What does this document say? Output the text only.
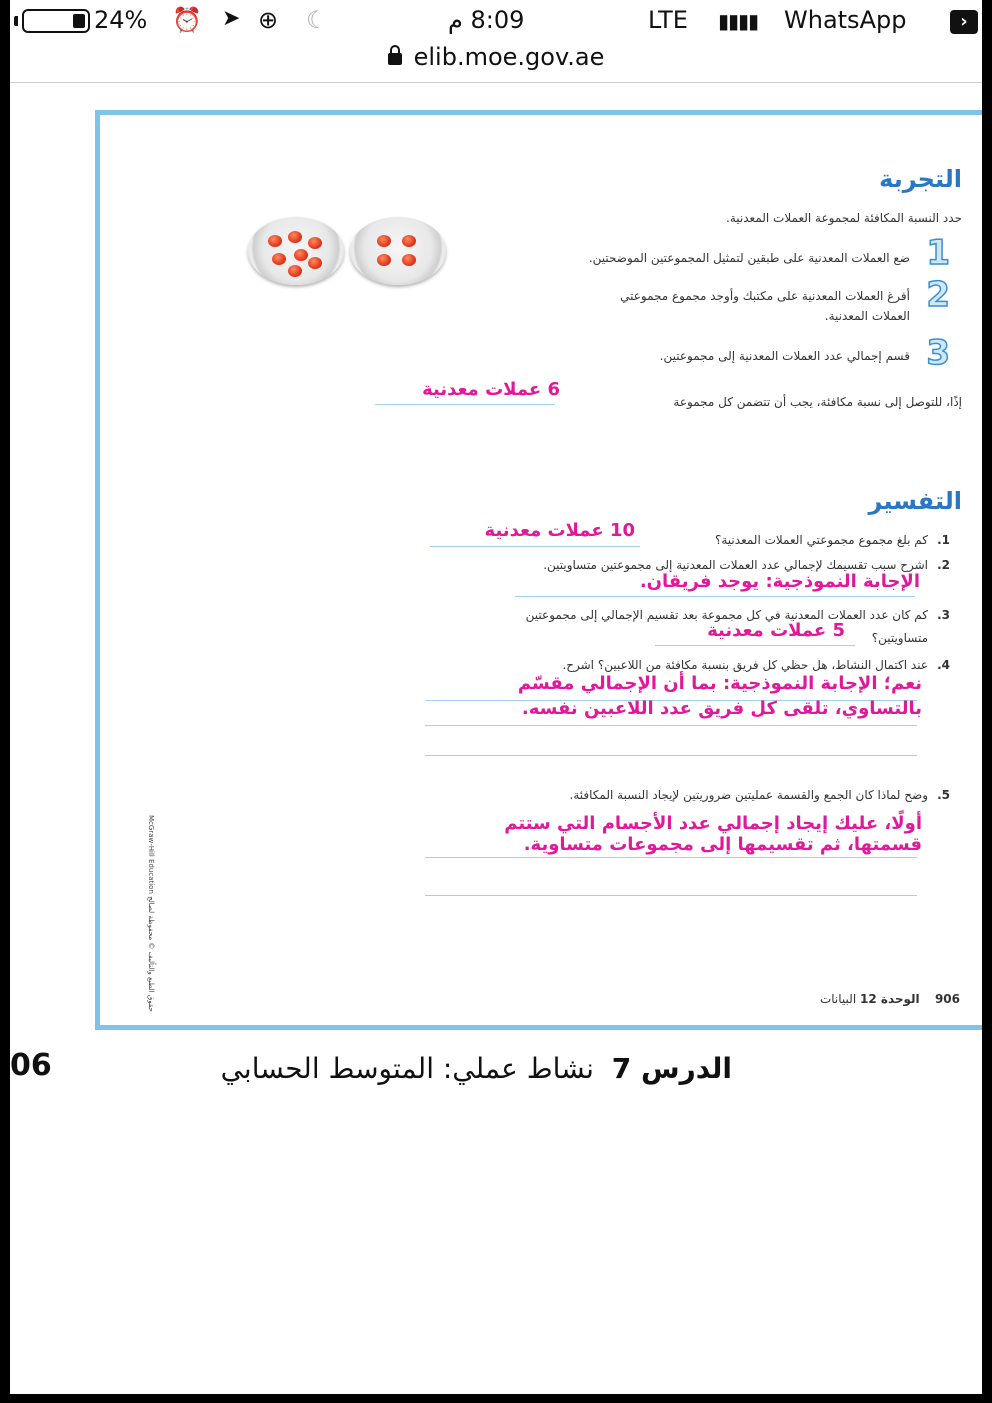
24% ⏰ ➤ ⊕ ☾	8:09 م	LTE ▮▮▮▮ WhatsApp	›
elib.moe.gov.ae
التجربة
حدد النسبة المكافئة لمجموعة العملات المعدنية.
1
ضع العملات المعدنية على طبقين لتمثيل المجموعتين الموضحتين.
2
أفرغ العملات المعدنية على مكتبك وأوجد مجموع مجموعتي
العملات المعدنية.
3
قسم إجمالي عدد العملات المعدنية إلى مجموعتين.
إذًا، للتوصل إلى نسبة مكافئة، يجب أن تتضمن كل مجموعة
6 عملات معدنية
التفسير
1.
كم بلغ مجموع مجموعتي العملات المعدنية؟
10 عملات معدنية
2.
اشرح سبب تقسيمك لإجمالي عدد العملات المعدنية إلى مجموعتين متساويتين.
الإجابة النموذجية: يوجد فريقان.
3.
كم كان عدد العملات المعدنية في كل مجموعة بعد تقسيم الإجمالي إلى مجموعتين
متساويتين؟
5 عملات معدنية
4.
عند اكتمال النشاط، هل حظي كل فريق بنسبة مكافئة من اللاعبين؟ اشرح.
نعم؛ الإجابة النموذجية: بما أن الإجمالي مقسّم
بالتساوي، تلقى كل فريق عدد اللاعبين نفسه.
5.
وضح لماذا كان الجمع والقسمة عمليتين ضروريتين لإيجاد النسبة المكافئة.
أولًا، عليك إيجاد إجمالي عدد الأجسام التي ستتم
قسمتها، ثم تقسيمها إلى مجموعات متساوية.
McGraw-Hill Education حقوق الطبع والتأليف © محفوظة لصالح	906    الوحدة 12 البيانات
06	الدرس 7  نشاط عملي: المتوسط الحسابي
